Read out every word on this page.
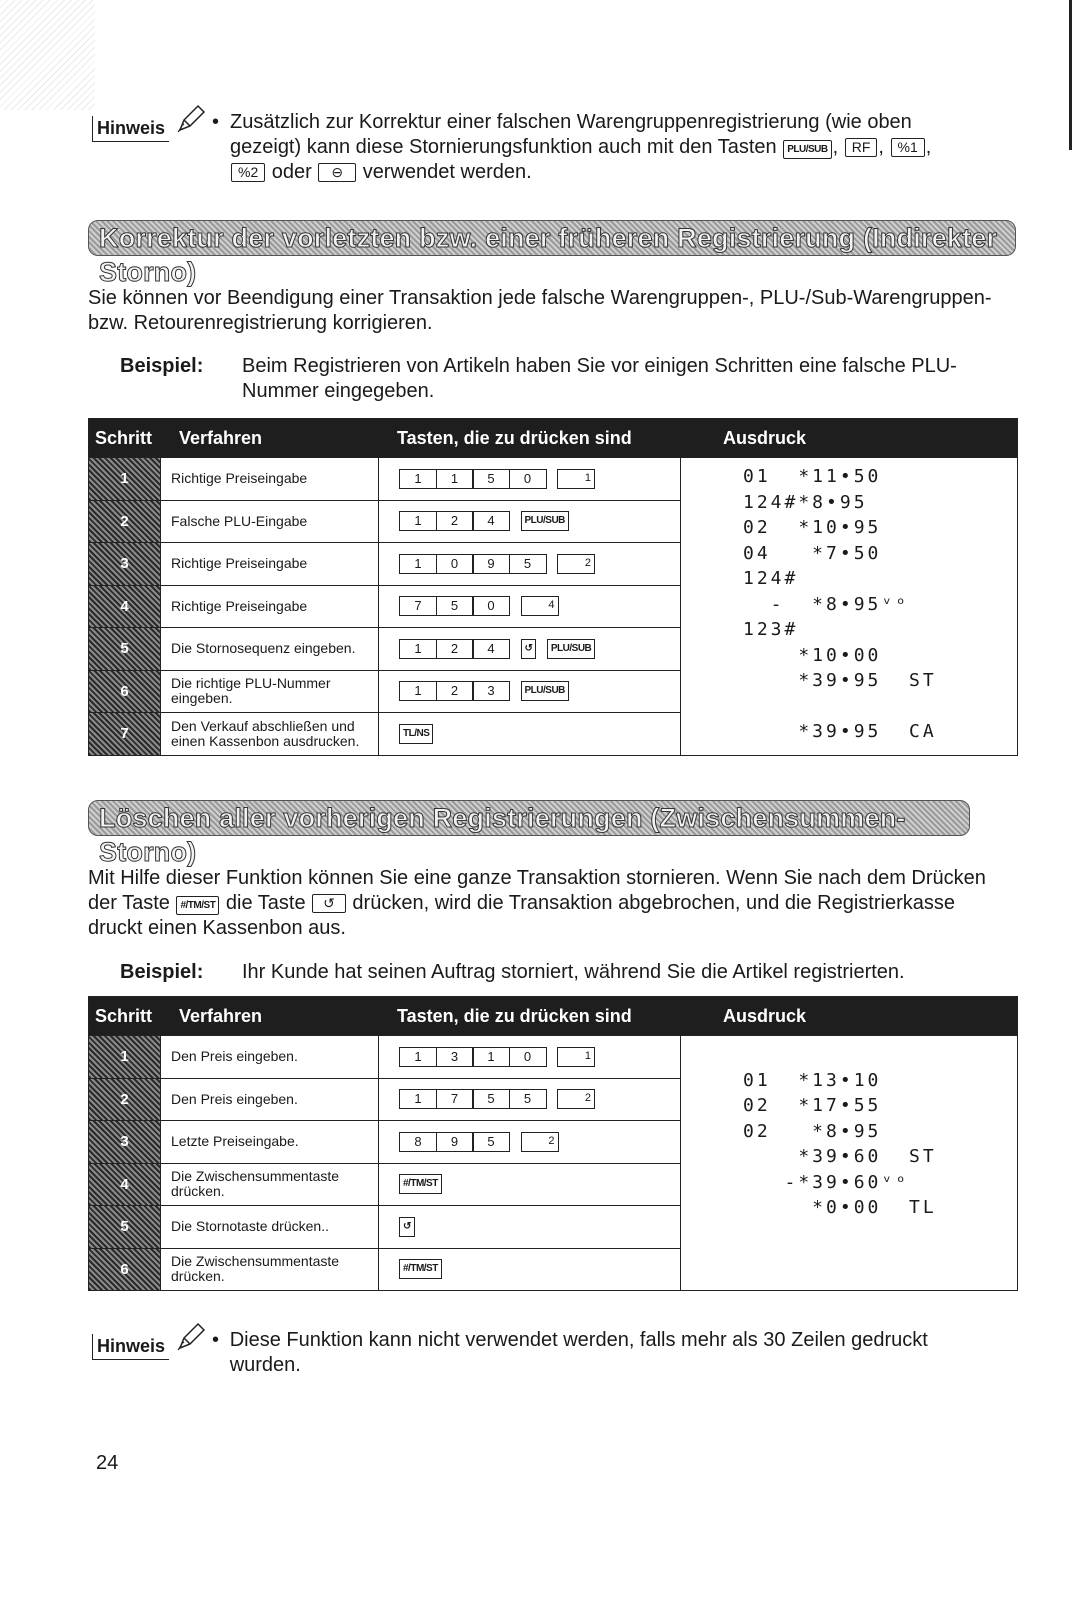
Hinweis • Zusätzlich zur Korrektur einer falschen Warengruppenregistrierung (wie oben
gezeigt) kann diese Stornierungsfunktion auch mit den Tasten PLU/SUB , RF , %1 ,
%2 oder ⊖ verwendet werden.
Korrektur der vorletzten bzw. einer früheren Registrierung (Indirekter Storno)
Sie können vor Beendigung einer Transaktion jede falsche Warengruppen-, PLU-/Sub-Warengruppen- bzw. Retourenregistrierung korrigieren.
Beispiel:	Beim Registrieren von Artikeln haben Sie vor einigen Schritten eine falsche PLU-Nummer eingegeben.
Schritt	Verfahren	Tasten, die zu drücken sind	Ausdruck
1	Richtige Preiseingabe	1	1	5	0	1
2	Falsche PLU-Eingabe	1	2	4	PLU/SUB
3	Richtige Preiseingabe	1	0	9	5	2
4	Richtige Preiseingabe	7	5	0	4
5	Die Stornosequenz eingeben.	1	2	4	↺	PLU/SUB
6	Die richtige PLU-Nummer eingeben.	1	2	3	PLU/SUB
7	Den Verkauf abschließen und einen Kassenbon ausdrucken.	TL/NS
01  *11•50
124#*8•95
02  *10•95
04   *7•50
124#
-  *8•95ᵛᵒ
123#
*10•00
*39•95  ST

*39•95  CA
Löschen aller vorherigen Registrierungen (Zwischensummen-Storno)
Mit Hilfe dieser Funktion können Sie eine ganze Transaktion stornieren. Wenn Sie nach dem Drücken der Taste #/TM/ST die Taste ↺ drücken, wird die Transaktion abgebrochen, und die Registrierkasse druckt einen Kassenbon aus.
Beispiel:	Ihr Kunde hat seinen Auftrag storniert, während Sie die Artikel registrierten.
Schritt	Verfahren	Tasten, die zu drücken sind	Ausdruck
1	Den Preis eingeben.	1	3	1	0	1
2	Den Preis eingeben.	1	7	5	5	2
3	Letzte Preiseingabe.	8	9	5	2
4	Die Zwischensummentaste drücken.	#/TM/ST
5	Die Stornotaste drücken..	↺
6	Die Zwischensummentaste drücken.	#/TM/ST

01  *13•10
02  *17•55
02   *8•95
*39•60  ST
-*39•60ᵛᵒ
*0•00  TL
Hinweis • Diese Funktion kann nicht verwendet werden, falls mehr als 30 Zeilen gedruckt wurden.
24
